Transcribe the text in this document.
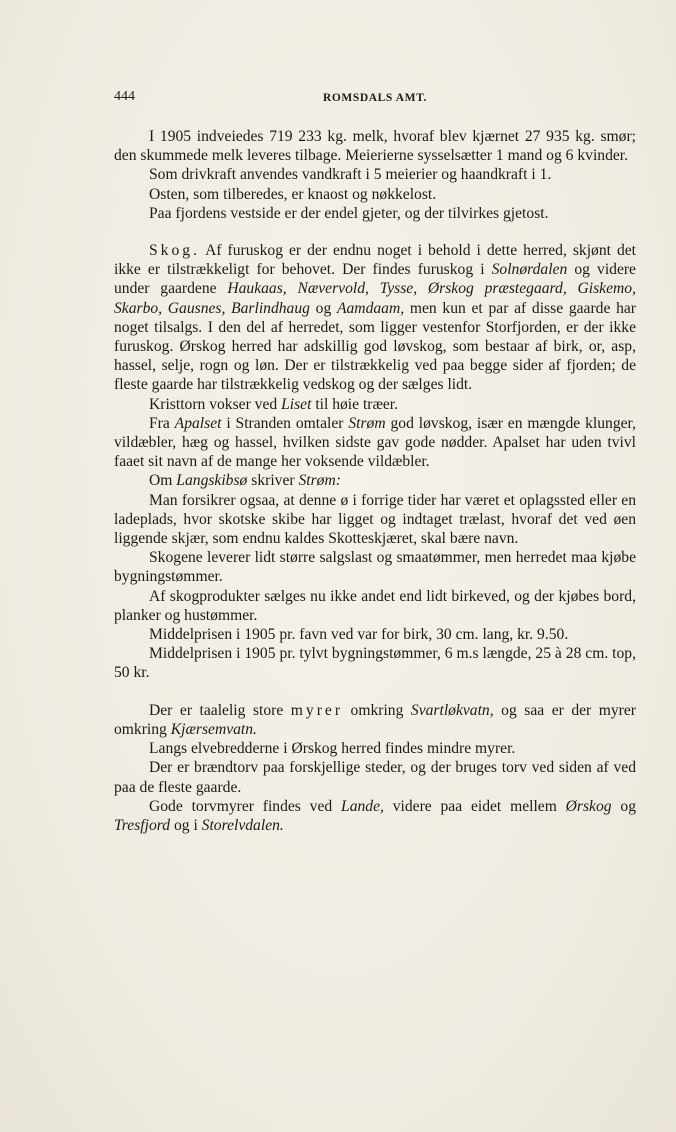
444	ROMSDALS AMT.

I 1905 indveiedes 719 233 kg. melk, hvoraf blev kjærnet 27 935 kg. smør; den skummede melk leveres tilbage. Meierierne sysselsætter 1 mand og 6 kvinder.

Som drivkraft anvendes vandkraft i 5 meierier og haandkraft i 1.

Osten, som tilberedes, er knaost og nøkkelost.

Paa fjordens vestside er der endel gjeter, og der tilvirkes gjetost.

Skog. Af furuskog er der endnu noget i behold i dette herred, skjønt det ikke er tilstrækkeligt for behovet. Der findes furuskog i Solnørdalen og videre under gaardene Haukaas, Nævervold, Tysse, Ørskog præstegaard, Giskemo, Skarbo, Gausnes, Barlindhaug og Aamdaam, men kun et par af disse gaarde har noget tilsalgs. I den del af herredet, som ligger vestenfor Storfjorden, er der ikke furuskog. Ørskog herred har adskillig god løvskog, som bestaar af birk, or, asp, hassel, selje, rogn og løn. Der er tilstrækkelig ved paa begge sider af fjorden; de fleste gaarde har tilstrækkelig vedskog og der sælges lidt.

Kristtorn vokser ved Liset til høie træer.

Fra Apalset i Stranden omtaler Strøm god løvskog, især en mængde klunger, vildæbler, hæg og hassel, hvilken sidste gav gode nødder. Apalset har uden tvivl faaet sit navn af de mange her voksende vildæbler.

Om Langskibsø skriver Strøm:

Man forsikrer ogsaa, at denne ø i forrige tider har været et oplagssted eller en ladeplads, hvor skotske skibe har ligget og indtaget trælast, hvoraf det ved øen liggende skjær, som endnu kaldes Skotteskjæret, skal bære navn.

Skogene leverer lidt større salgslast og smaatømmer, men herredet maa kjøbe bygningstømmer.

Af skogprodukter sælges nu ikke andet end lidt birkeved, og der kjøbes bord, planker og hustømmer.

Middelprisen i 1905 pr. favn ved var for birk, 30 cm. lang, kr. 9.50.

Middelprisen i 1905 pr. tylvt bygningstømmer, 6 m.s længde, 25 à 28 cm. top, 50 kr.

Der er taalelig store myrer omkring Svartløkvatn, og saa er der myrer omkring Kjærsemvatn.

Langs elvebredderne i Ørskog herred findes mindre myrer.

Der er brændtorv paa forskjellige steder, og der bruges torv ved siden af ved paa de fleste gaarde.

Gode torvmyrer findes ved Lande, videre paa eidet mellem Ørskog og Tresfjord og i Storelvdalen.
